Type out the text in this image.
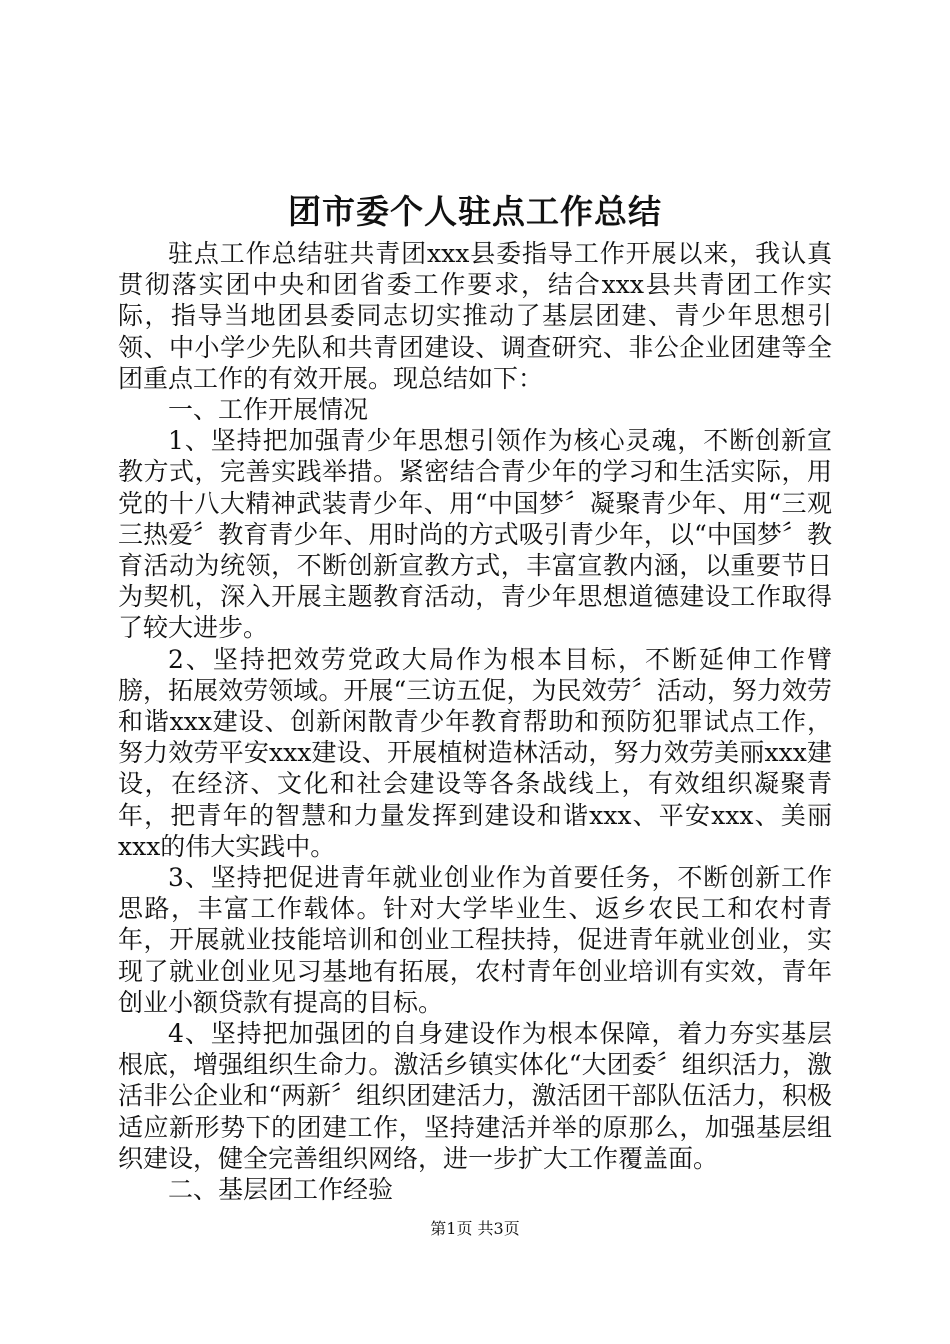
团市委个人驻点工作总结

驻点工作总结驻共青团xxx县委指导工作开展以来，我认真贯彻落实团中央和团省委工作要求，结合xxx县共青团工作实际，指导当地团县委同志切实推动了基层团建、青少年思想引领、中小学少先队和共青团建设、调查研究、非公企业团建等全团重点工作的有效开展。现总结如下：

一、工作开展情况

1、坚持把加强青少年思想引领作为核心灵魂，不断创新宣教方式，完善实践举措。紧密结合青少年的学习和生活实际，用党的十八大精神武装青少年、用“中国梦〞凝聚青少年、用“三观三热爱〞教育青少年、用时尚的方式吸引青少年，以“中国梦〞教育活动为统领，不断创新宣教方式，丰富宣教内涵，以重要节日为契机，深入开展主题教育活动，青少年思想道德建设工作取得了较大进步。

2、坚持把效劳党政大局作为根本目标，不断延伸工作臂膀，拓展效劳领域。开展“三访五促，为民效劳〞活动，努力效劳和谐xxx建设、创新闲散青少年教育帮助和预防犯罪试点工作，努力效劳平安xxx建设、开展植树造林活动，努力效劳美丽xxx建设，在经济、文化和社会建设等各条战线上，有效组织凝聚青年，把青年的智慧和力量发挥到建设和谐xxx、平安xxx、美丽xxx的伟大实践中。

3、坚持把促进青年就业创业作为首要任务，不断创新工作思路，丰富工作载体。针对大学毕业生、返乡农民工和农村青年，开展就业技能培训和创业工程扶持，促进青年就业创业，实现了就业创业见习基地有拓展，农村青年创业培训有实效，青年创业小额贷款有提高的目标。

4、坚持把加强团的自身建设作为根本保障，着力夯实基层根底，增强组织生命力。激活乡镇实体化“大团委〞组织活力，激活非公企业和“两新〞组织团建活力，激活团干部队伍活力，积极适应新形势下的团建工作，坚持建活并举的原那么，加强基层组织建设，健全完善组织网络，进一步扩大工作覆盖面。

二、基层团工作经验

第1页 共3页
